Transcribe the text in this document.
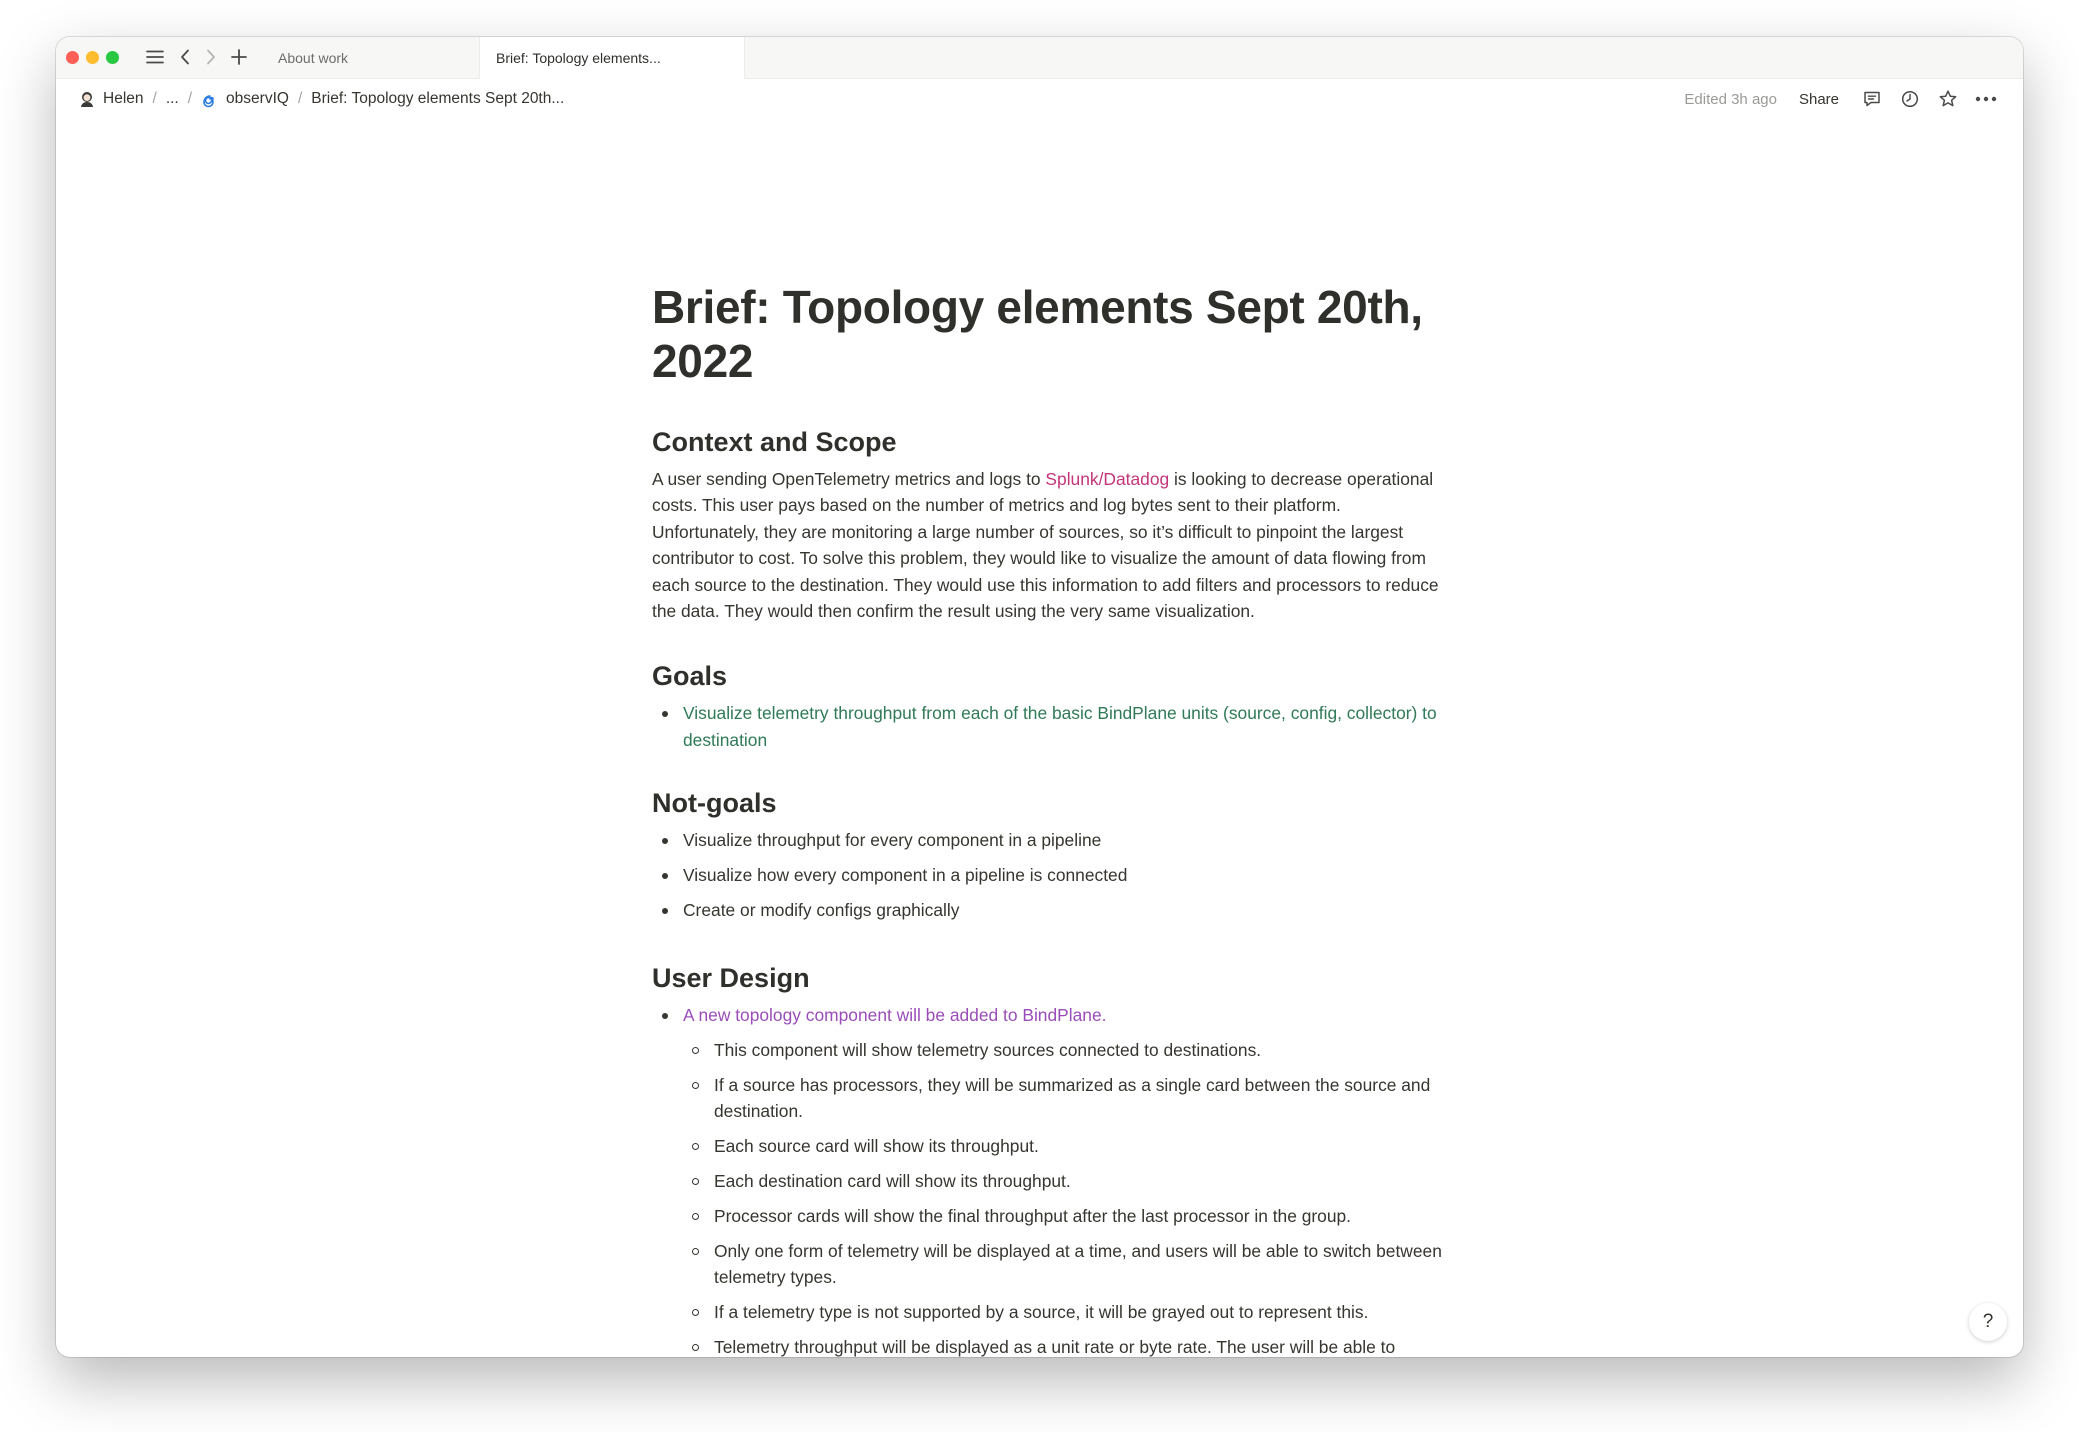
About work	Brief: Topology elements...
Helen / ... / observIQ / Brief: Topology elements Sept 20th...	Edited 3h ago Share
Brief: Topology elements Sept 20th, 2022
Context and Scope
A user sending OpenTelemetry metrics and logs to Splunk/Datadog is looking to decrease operational costs. This user pays based on the number of metrics and log bytes sent to their platform. Unfortunately, they are monitoring a large number of sources, so it’s difficult to pinpoint the largest contributor to cost. To solve this problem, they would like to visualize the amount of data flowing from each source to the destination. They would use this information to add filters and processors to reduce the data. They would then confirm the result using the very same visualization.
Goals
Visualize telemetry throughput from each of the basic BindPlane units (source, config, collector) to destination
Not-goals
Visualize throughput for every component in a pipeline
Visualize how every component in a pipeline is connected
Create or modify configs graphically
User Design
A new topology component will be added to BindPlane.
This component will show telemetry sources connected to destinations.
If a source has processors, they will be summarized as a single card between the source and destination.
Each source card will show its throughput.
Each destination card will show its throughput.
Processor cards will show the final throughput after the last processor in the group.
Only one form of telemetry will be displayed at a time, and users will be able to switch between telemetry types.
If a telemetry type is not supported by a source, it will be grayed out to represent this.
Telemetry throughput will be displayed as a unit rate or byte rate. The user will be able to
?
